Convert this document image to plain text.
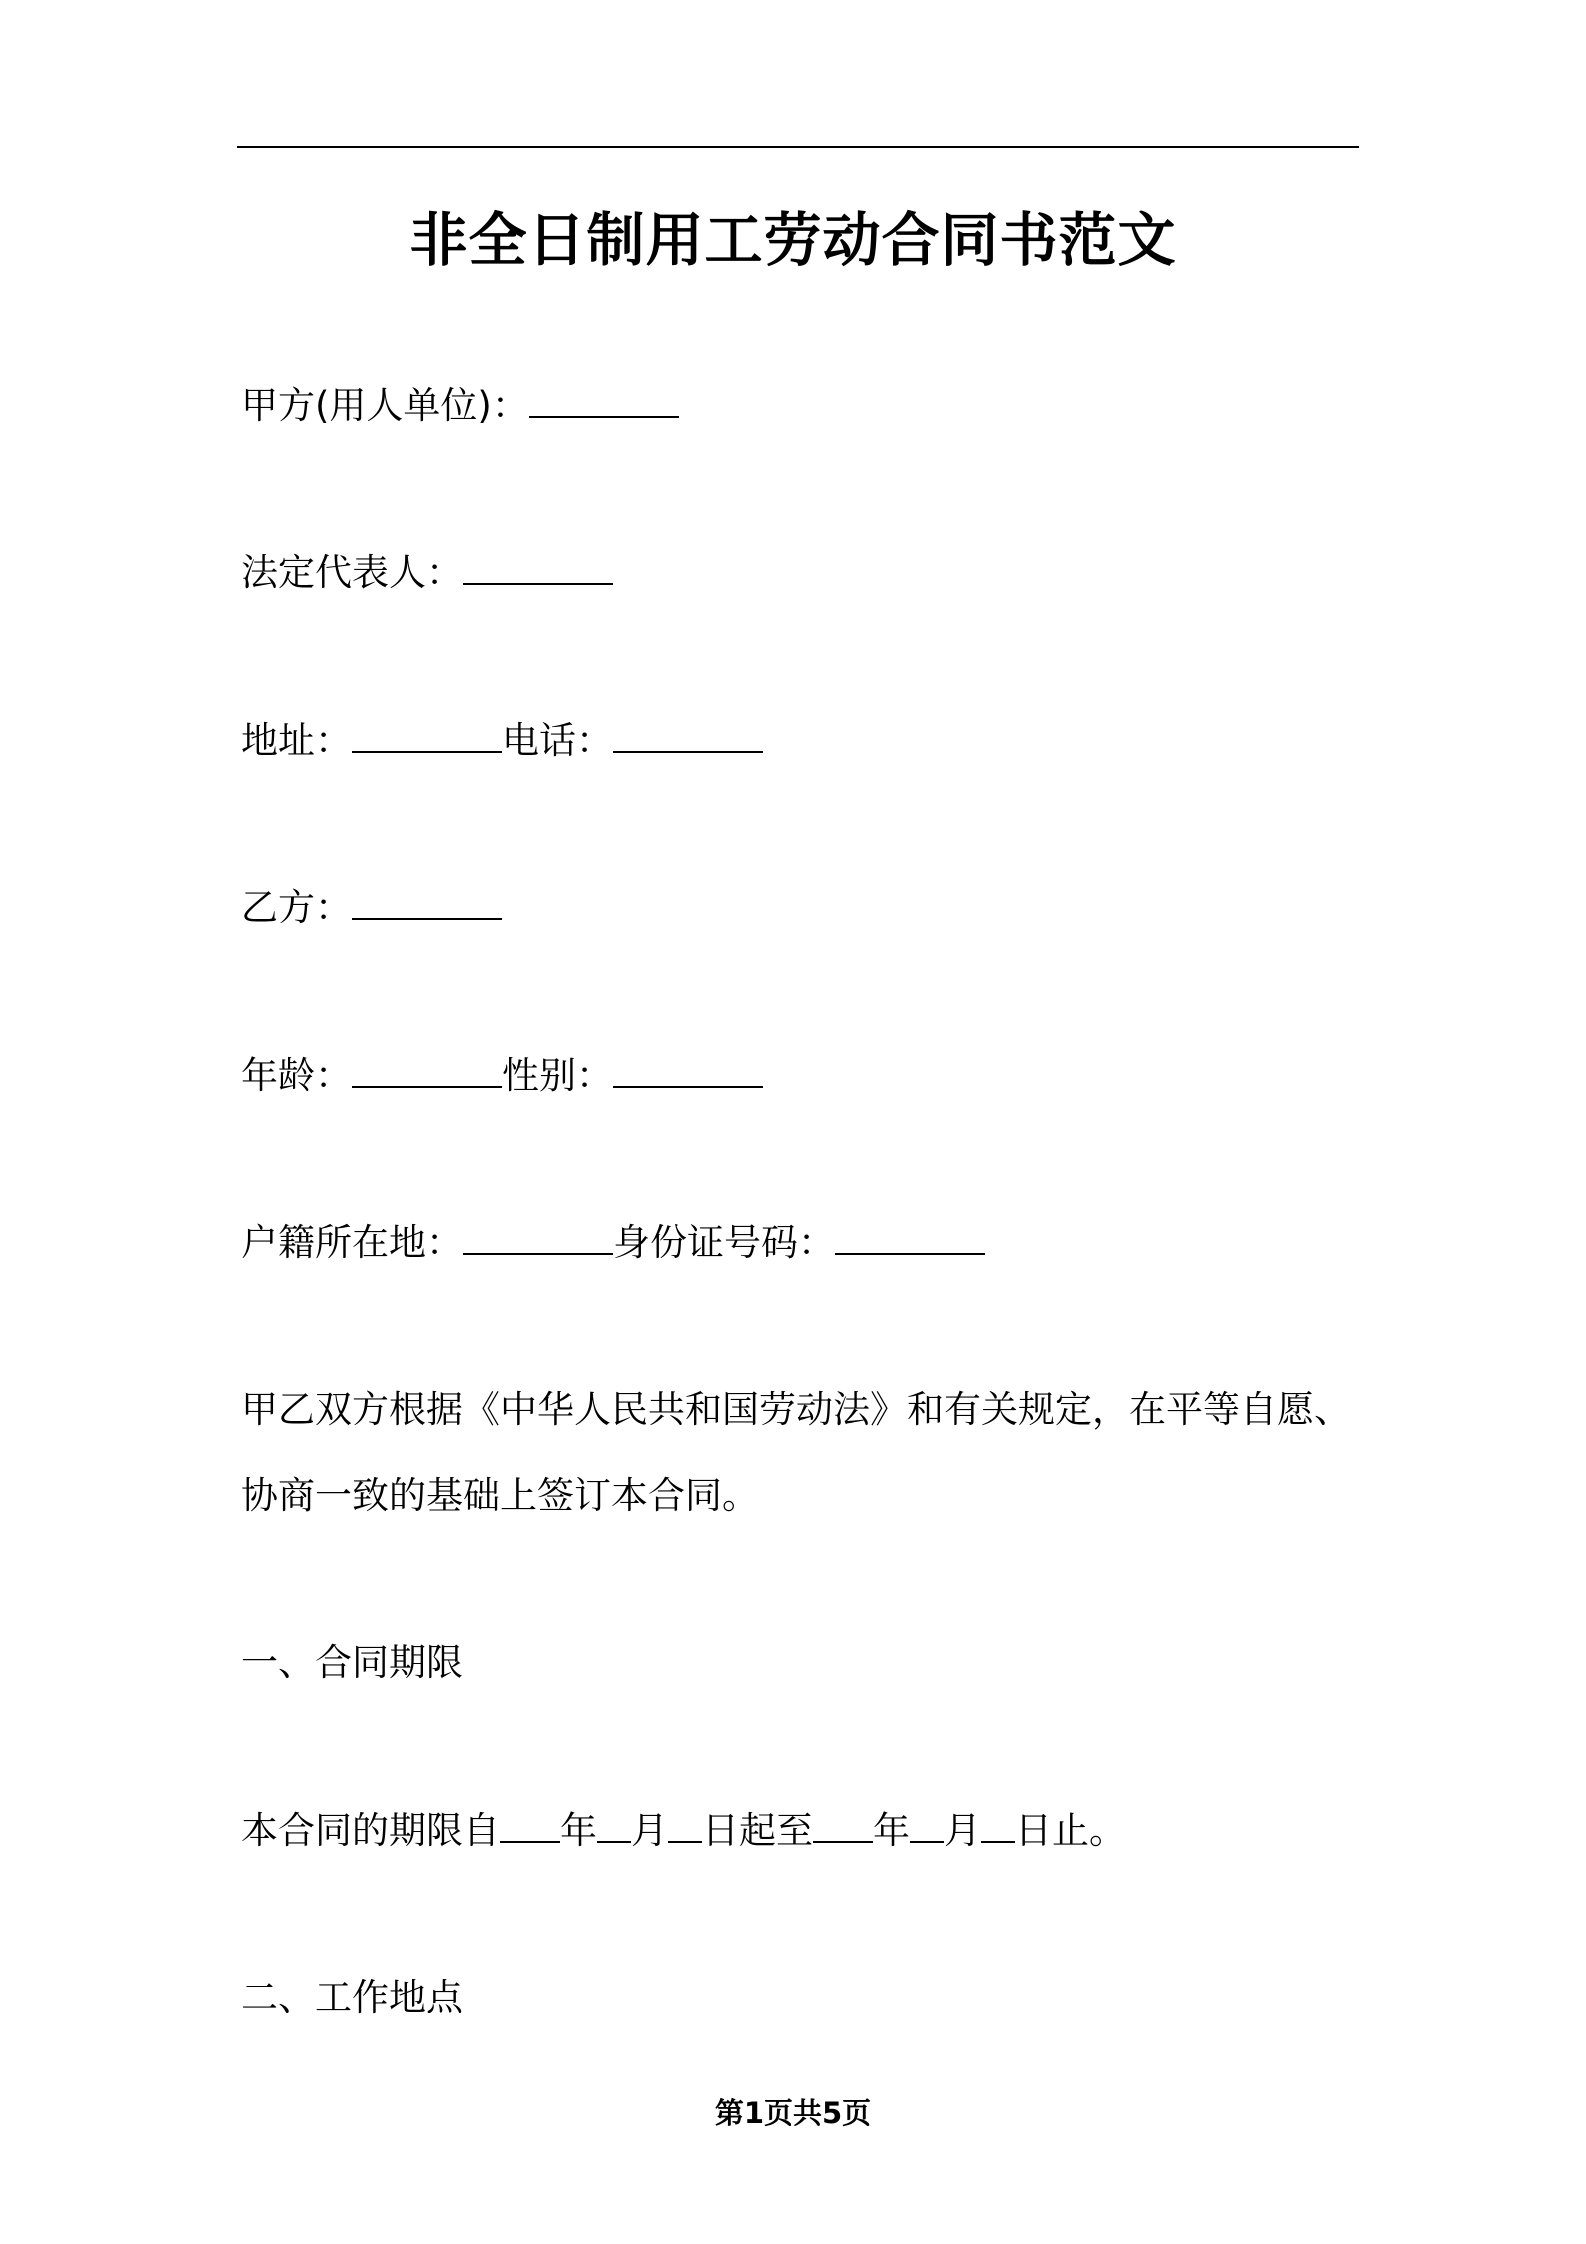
非全日制用工劳动合同书范文
甲方(用人单位)：
法定代表人：
地址：	电话：
乙方：
年龄：	性别：
户籍所在地：	身份证号码：
甲乙双方根据《中华人民共和国劳动法》和有关规定，在平等自愿、
协商一致的基础上签订本合同。
一、合同期限
本合同的期限自 年 月 日起至 年 月 日止。
二、工作地点
第1页共5页
